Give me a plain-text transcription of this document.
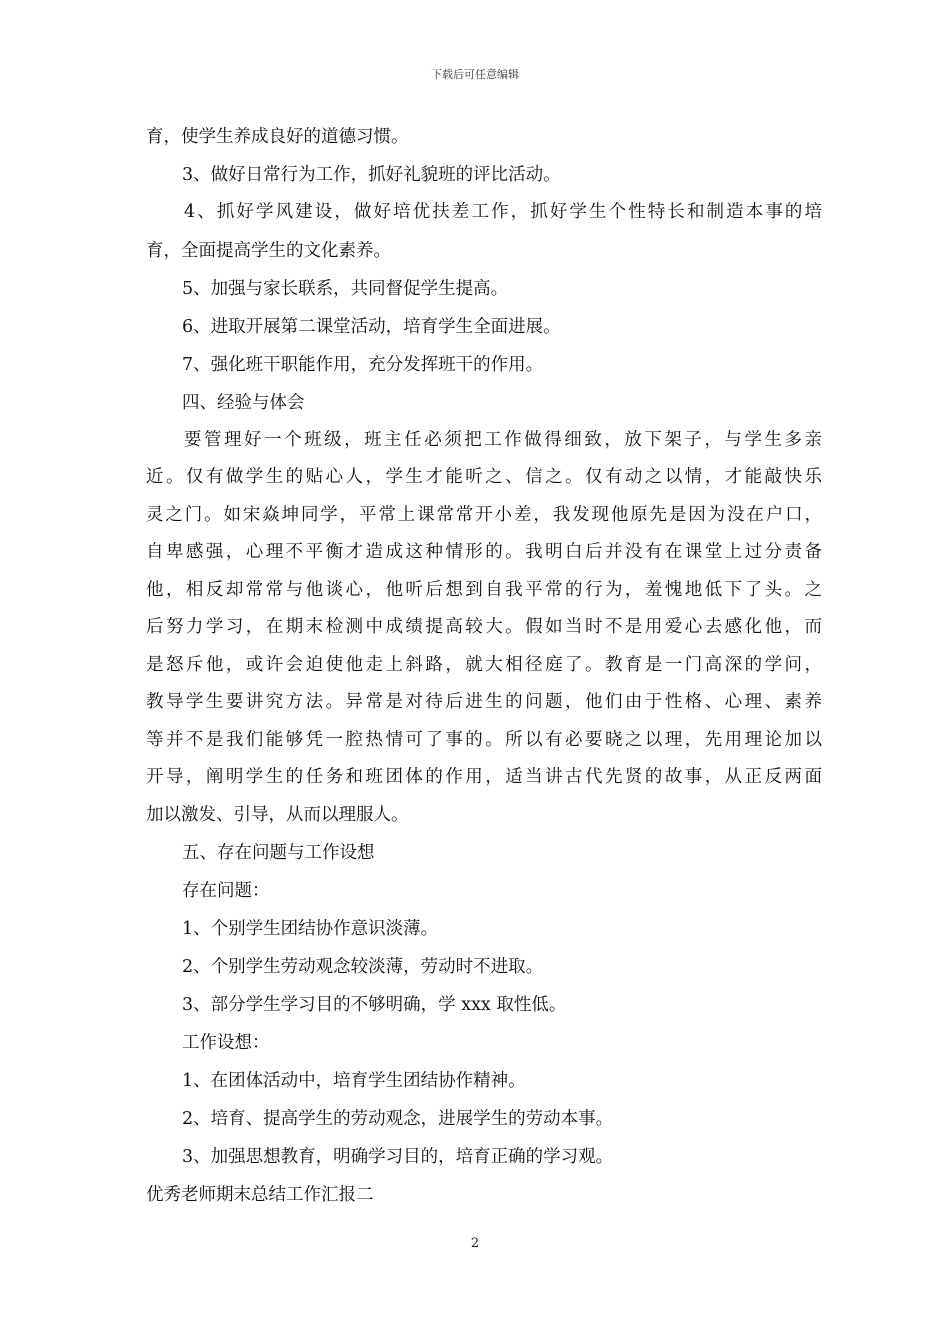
下载后可任意编辑
育，使学生养成良好的道德习惯。
3、做好日常行为工作，抓好礼貌班的评比活动。
4、抓好学风建设，做好培优扶差工作，抓好学生个性特长和制造本事的培
育，全面提高学生的文化素养。
5、加强与家长联系，共同督促学生提高。
6、进取开展第二课堂活动，培育学生全面进展。
7、强化班干职能作用，充分发挥班干的作用。
四、经验与体会
要管理好一个班级，班主任必须把工作做得细致，放下架子，与学生多亲
近。仅有做学生的贴心人，学生才能听之、信之。仅有动之以情，才能敲快乐
灵之门。如宋焱坤同学，平常上课常常开小差，我发现他原先是因为没在户口，
自卑感强，心理不平衡才造成这种情形的。我明白后并没有在课堂上过分责备
他，相反却常常与他谈心，他听后想到自我平常的行为，羞愧地低下了头。之
后努力学习，在期末检测中成绩提高较大。假如当时不是用爱心去感化他，而
是怒斥他，或许会迫使他走上斜路，就大相径庭了。教育是一门高深的学问，
教导学生要讲究方法。异常是对待后进生的问题，他们由于性格、心理、素养
等并不是我们能够凭一腔热情可了事的。所以有必要晓之以理，先用理论加以
开导，阐明学生的任务和班团体的作用，适当讲古代先贤的故事，从正反两面
加以激发、引导，从而以理服人。
五、存在问题与工作设想
存在问题：
1、个别学生团结协作意识淡薄。
2、个别学生劳动观念较淡薄，劳动时不进取。
3、部分学生学习目的不够明确，学 xxx 取性低。
工作设想：
1、在团体活动中，培育学生团结协作精神。
2、培育、提高学生的劳动观念，进展学生的劳动本事。
3、加强思想教育，明确学习目的，培育正确的学习观。
优秀老师期末总结工作汇报二
2
